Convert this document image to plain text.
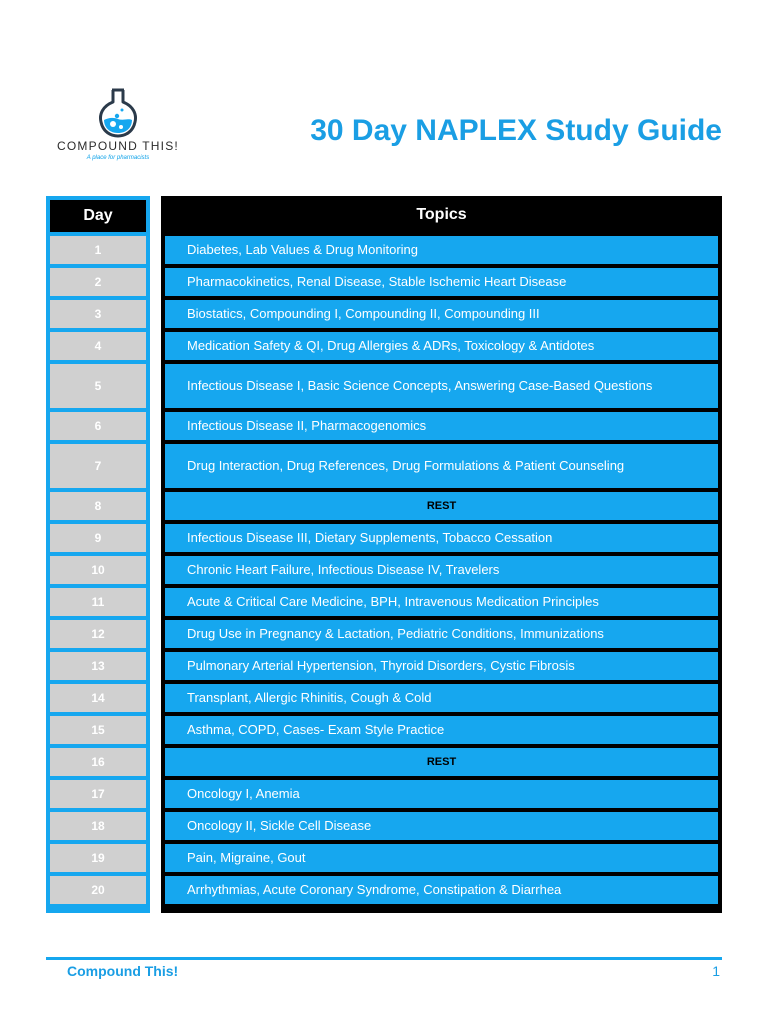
COMPOUND THIS!
A place for pharmacists
30 Day NAPLEX Study Guide
Day
1
2
3
4
5
6
7
8
9
10
11
12
13
14
15
16
17
18
19
20
Topics
Diabetes, Lab Values & Drug Monitoring
Pharmacokinetics, Renal Disease, Stable Ischemic Heart Disease
Biostatics, Compounding I, Compounding II, Compounding III
Medication Safety & QI, Drug Allergies & ADRs, Toxicology & Antidotes
Infectious Disease I, Basic Science Concepts, Answering Case-Based Questions
Infectious Disease II, Pharmacogenomics
Drug Interaction, Drug References, Drug Formulations & Patient Counseling
REST
Infectious Disease III, Dietary Supplements, Tobacco Cessation
Chronic Heart Failure, Infectious Disease IV, Travelers
Acute & Critical Care Medicine, BPH, Intravenous Medication Principles
Drug Use in Pregnancy & Lactation, Pediatric Conditions, Immunizations
Pulmonary Arterial Hypertension, Thyroid Disorders, Cystic Fibrosis
Transplant, Allergic Rhinitis, Cough & Cold
Asthma, COPD, Cases- Exam Style Practice
REST
Oncology I, Anemia
Oncology II, Sickle Cell Disease
Pain, Migraine, Gout
Arrhythmias, Acute Coronary Syndrome, Constipation & Diarrhea
Compound This!	1
